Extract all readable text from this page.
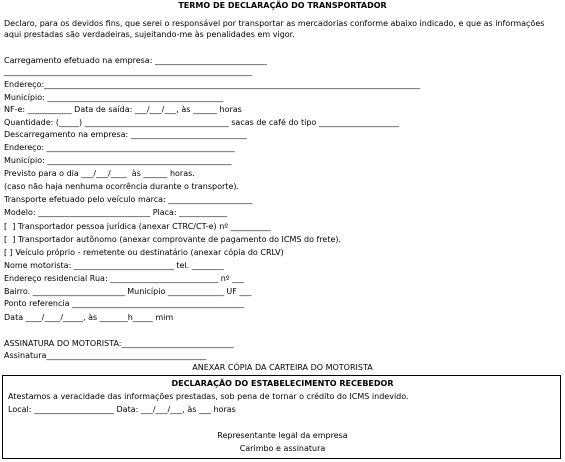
TERMO DE DECLARAÇÃO DO TRANSPORTADOR
Declaro, para os devidos fins, que serei o responsável por transportar as mercadorias conforme abaixo indicado, e que as informações
aqui prestadas são verdadeiras, sujeitando-me às penalidades em vigor.
Carregamento efetuado na empresa: ____________________________
______________________________________________________________
Endereço:______________________________________________________________________________________________
Município: ____________________________________________
NF-e: ___________ Data de saída: ___/___/___, às ______ horas
Quantidade: (_____) ____________________________________ sacas de café do tipo ____________________
Descarregamento na empresa: _____________________________
Endereço: _______________________________________________
Município: ______________________________________________
Previsto para o dia ___/___/____  às ______ horas.
(caso não haja nenhuma ocorrência durante o transporte).
Transporte efetuado pelo veículo marca: _____________________
Modelo: ____________________________ Placa: ____________
[  ] Transportador pessoa jurídica (anexar CTRC/CT-e) nº __________
[  ] Transportador autônomo (anexar comprovante de pagamento do ICMS do frete).
[ ] Veículo próprio - remetente ou destinatário (anexar cópia do CRLV)
Nome motorista: _________________________ tel. ________
Endereço residencial Rua: ___________________________ nº ___
Bairro. _______________________ Município ______________ UF ___
Ponto referencia ___________________________________________
Data ____/____/_____, às _______h_____ mim
ASSINATURA DO MOTORISTA:____________________________
Assinatura________________________________________
ANEXAR CÓPIA DA CARTEIRA DO MOTORISTA
DECLARAÇÃO DO ESTABELECIMENTO RECEBEDOR
Atestamos a veracidade das informações prestadas, sob pena de tornar o crédito do ICMS indevido.
Local: ____________________ Data: ___/___/___, às ___ horas
Representante legal da empresa
Carimbo e assinatura
